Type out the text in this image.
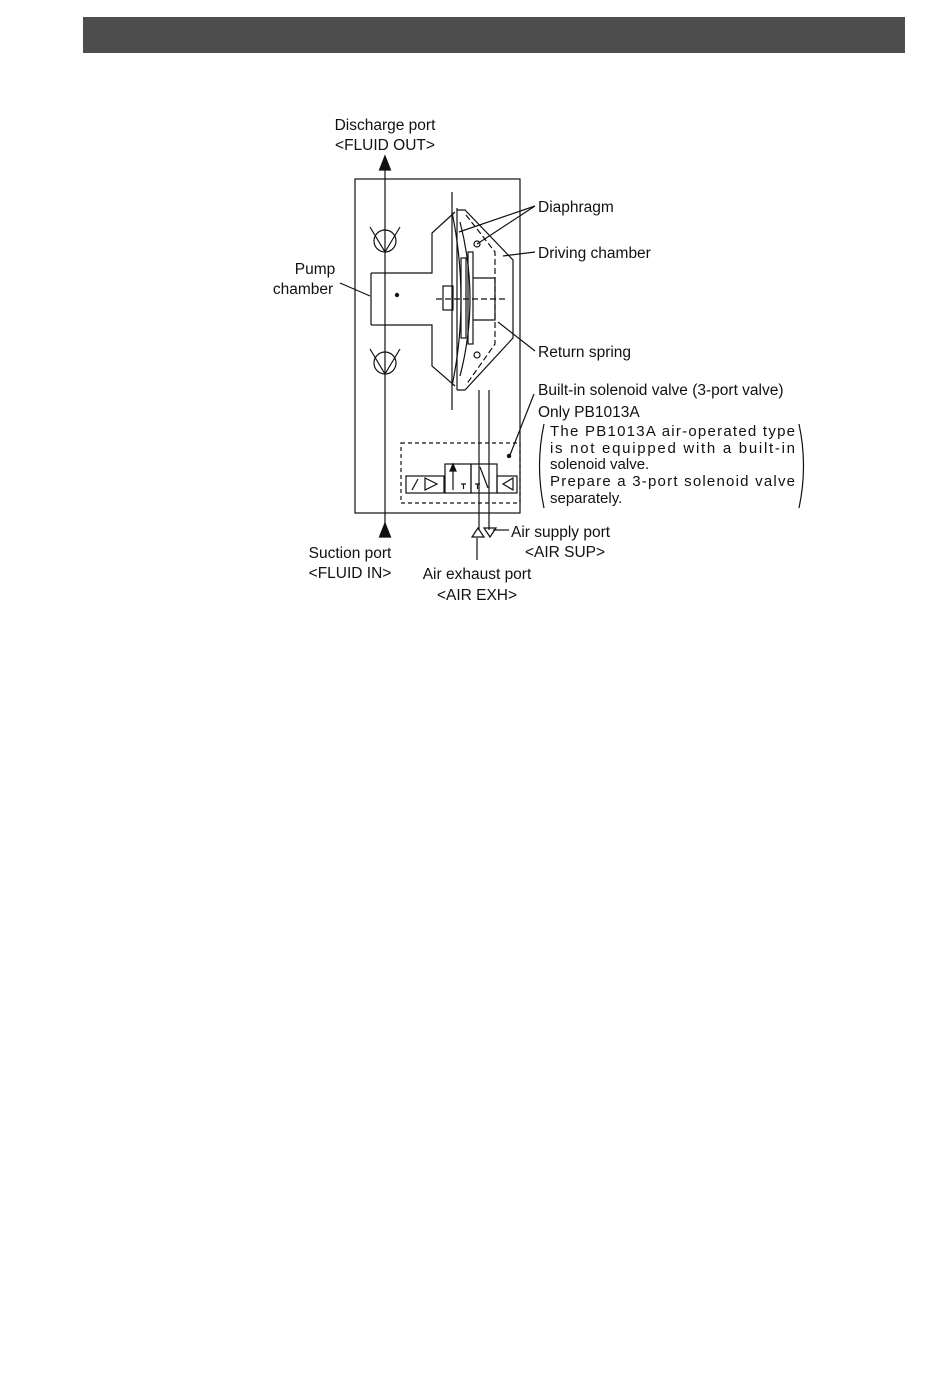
Discharge port
<FLUID OUT>
Diaphragm
Driving chamber
Pump
chamber
Return spring
Built-in solenoid valve (3-port valve)
Only PB1013A
The PB1013A air-operated type
is not equipped with a built-in
solenoid valve.
Prepare a 3-port solenoid valve
separately.
Suction port
<FLUID IN>
Air supply port
<AIR SUP>
Air exhaust port
<AIR EXH>
